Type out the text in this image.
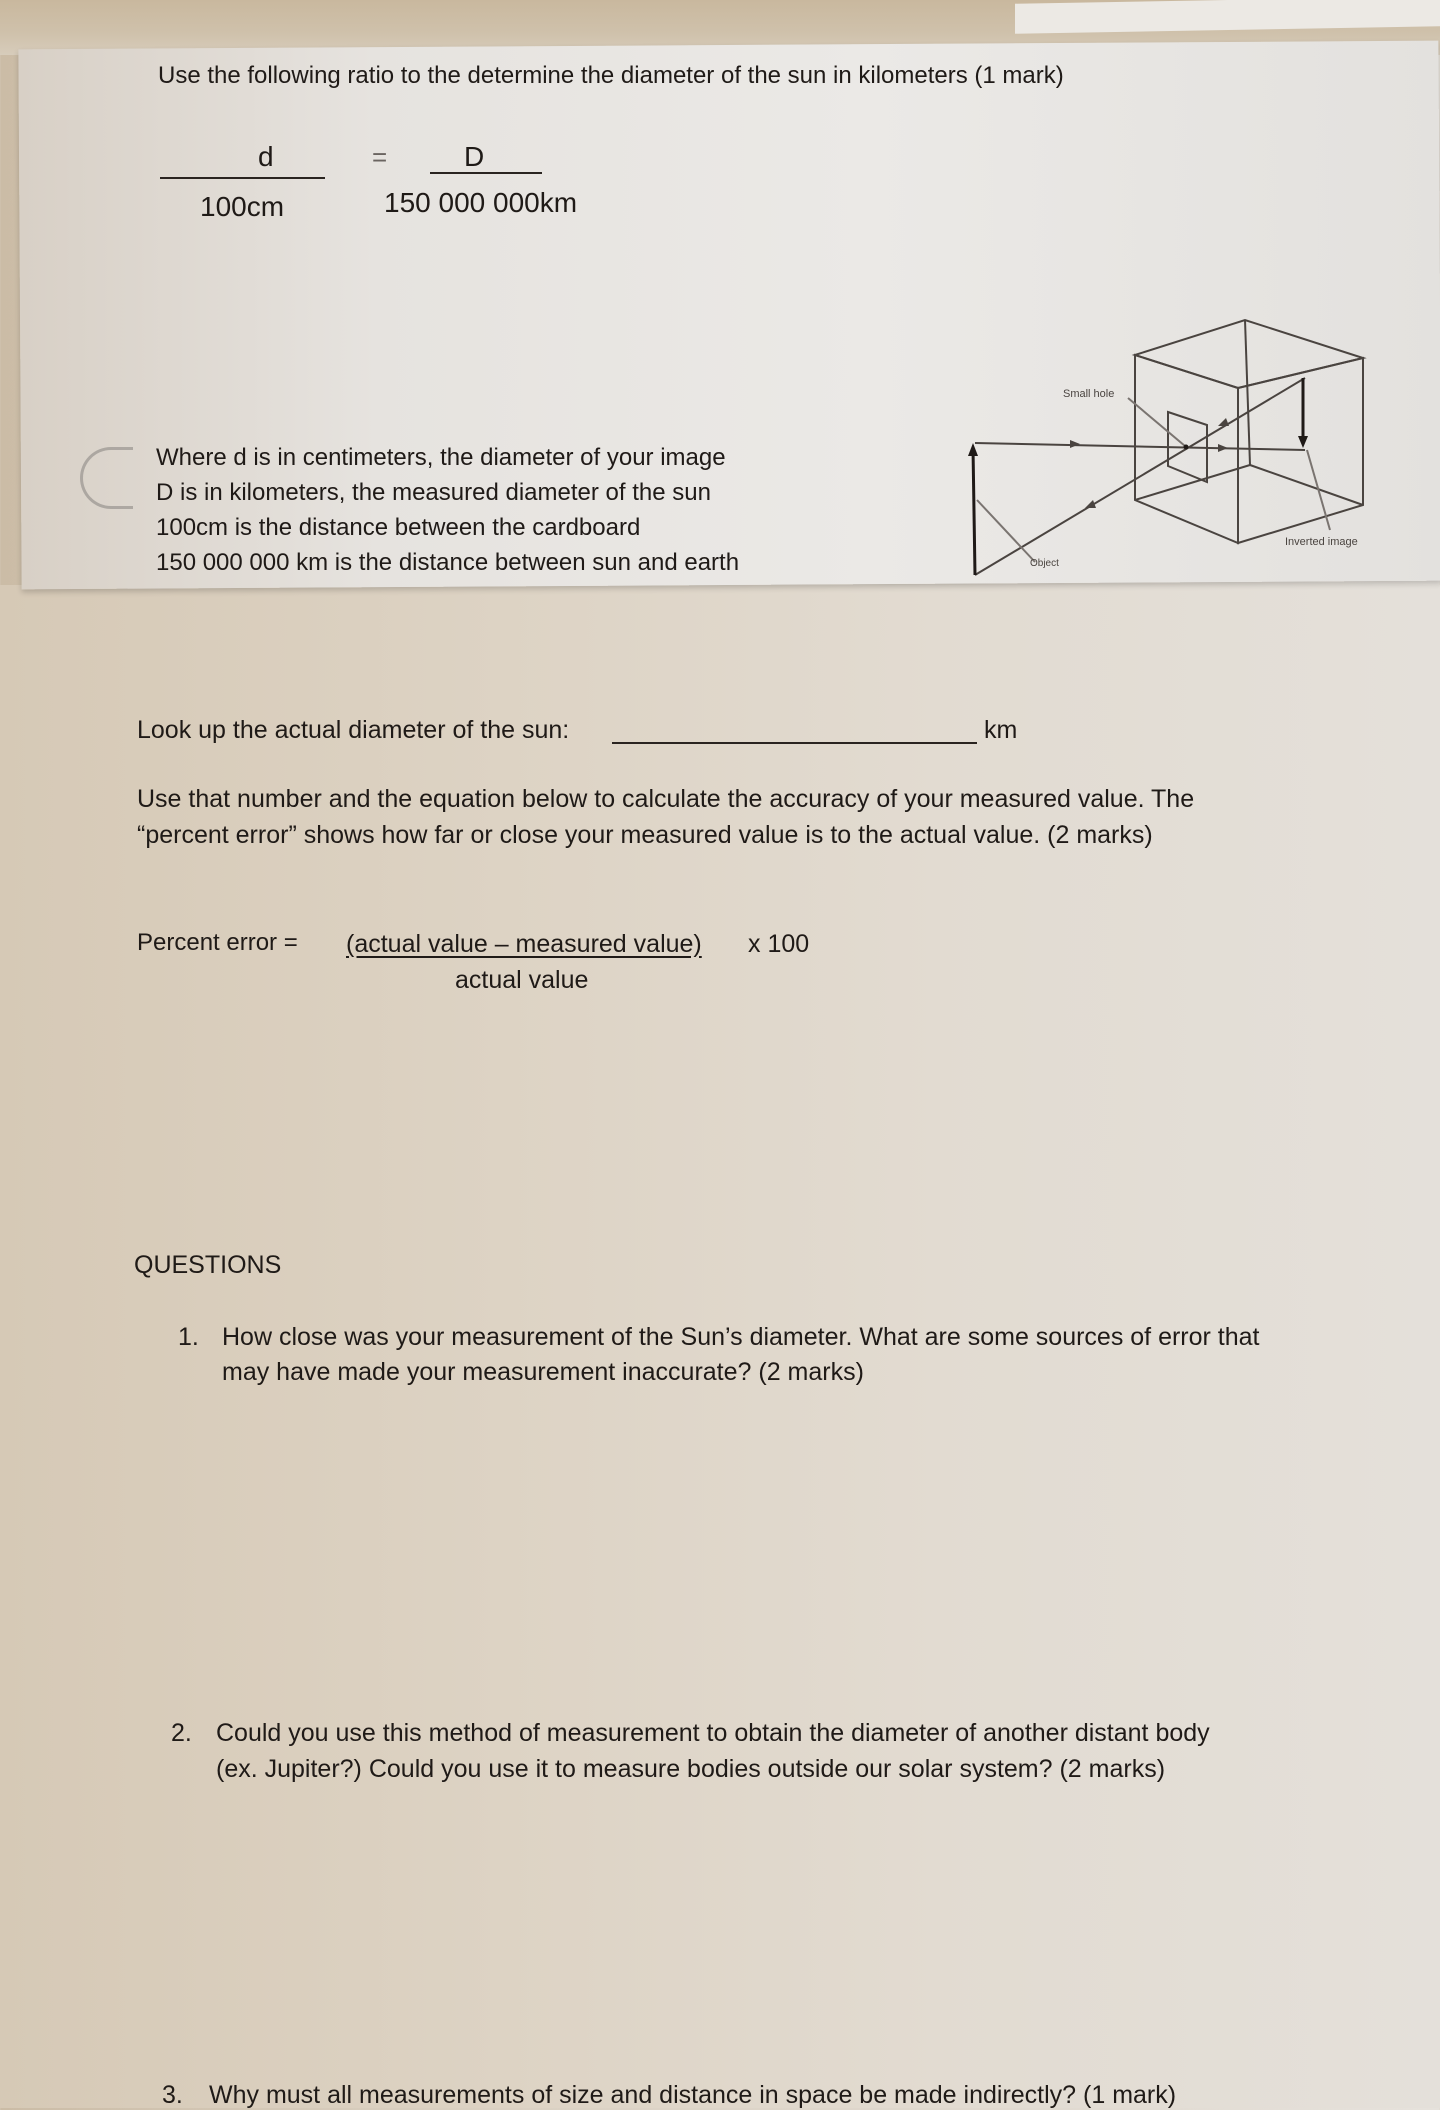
Use the following ratio to the determine the diameter of the sun in kilometers (1 mark)
d
100cm
=	D
150 000 000km
Where d is in centimeters, the diameter of your image
D is in kilometers, the measured diameter of the sun
100cm is the distance between the cardboard
150 000 000 km is the distance between sun and earth
Small hole
Object
Inverted image
Look up the actual diameter of the sun:	km
Use that number and the equation below to calculate the accuracy of your measured value. The
“percent error” shows how far or close your measured value is to the actual value. (2 marks)
Percent error = (actual value – measured value) x 100
actual value
QUESTIONS
1. How close was your measurement of the Sun’s diameter. What are some sources of error that
may have made your measurement inaccurate? (2 marks)
2. Could you use this method of measurement to obtain the diameter of another distant body
(ex. Jupiter?) Could you use it to measure bodies outside our solar system? (2 marks)
3. Why must all measurements of size and distance in space be made indirectly? (1 mark)
